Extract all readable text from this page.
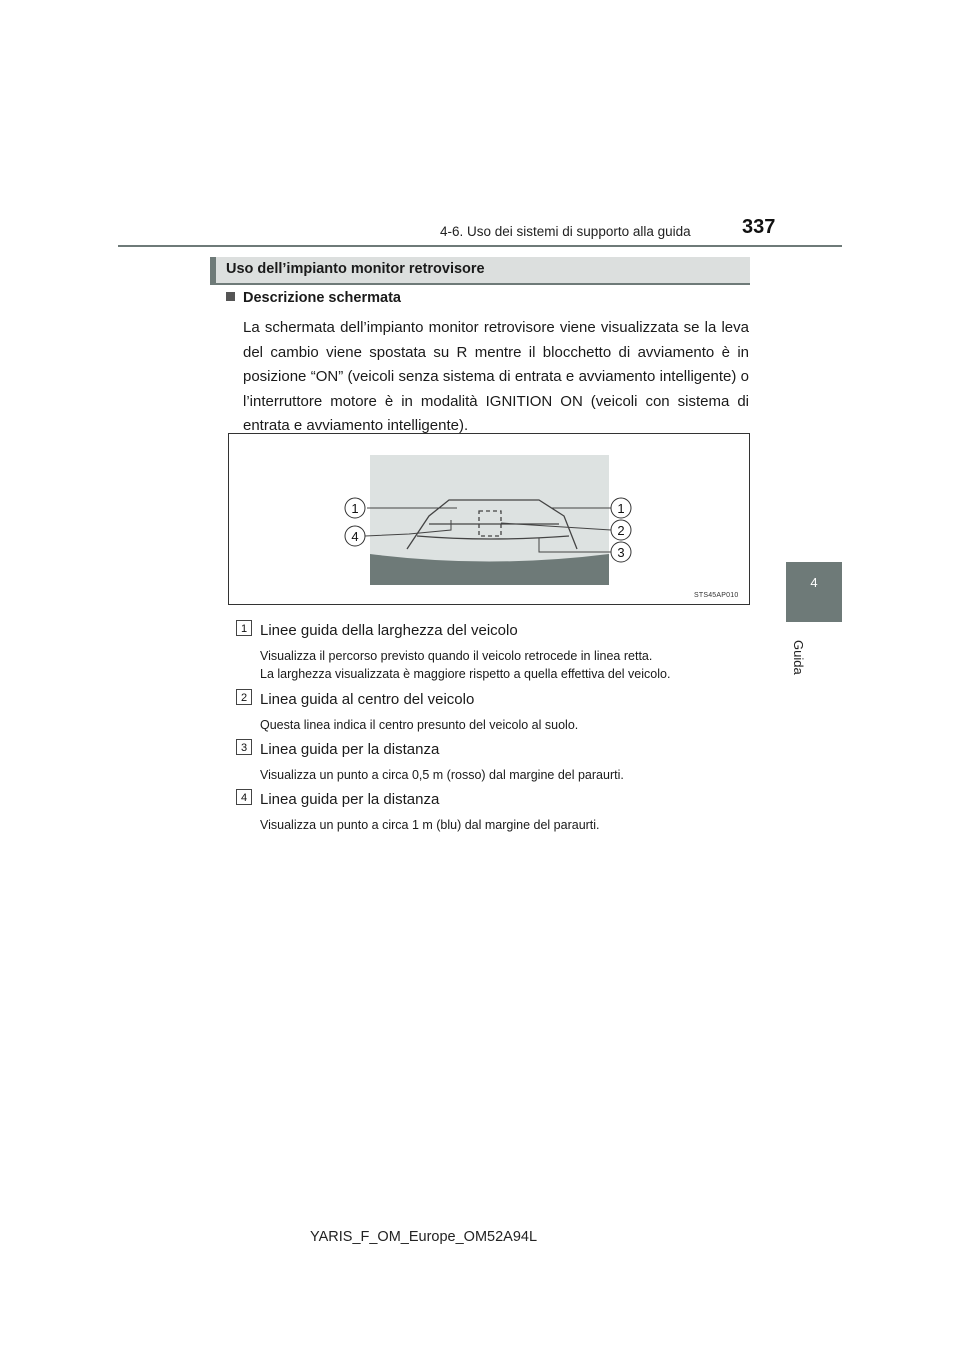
4-6. Uso dei sistemi di supporto alla guida	337
4
Guida
Uso dell’impianto monitor retrovisore
Descrizione schermata
La schermata dell’impianto monitor retrovisore viene visualizzata se la leva del cambio viene spostata su R mentre il blocchetto di avviamento è in posizione “ON” (veicoli senza sistema di entrata e avviamento intelligente) o l’interruttore motore è in modalità IGNITION ON (veicoli con sistema di entrata e avviamento intelligente).
1	1
4	2
3
STS45AP010
1 Linee guida della larghezza del veicolo
Visualizza il percorso previsto quando il veicolo retrocede in linea retta.
La larghezza visualizzata è maggiore rispetto a quella effettiva del veicolo.
2 Linea guida al centro del veicolo
Questa linea indica il centro presunto del veicolo al suolo.
3 Linea guida per la distanza
Visualizza un punto a circa 0,5 m (rosso) dal margine del paraurti.
4 Linea guida per la distanza
Visualizza un punto a circa 1 m (blu) dal margine del paraurti.
YARIS_F_OM_Europe_OM52A94L
